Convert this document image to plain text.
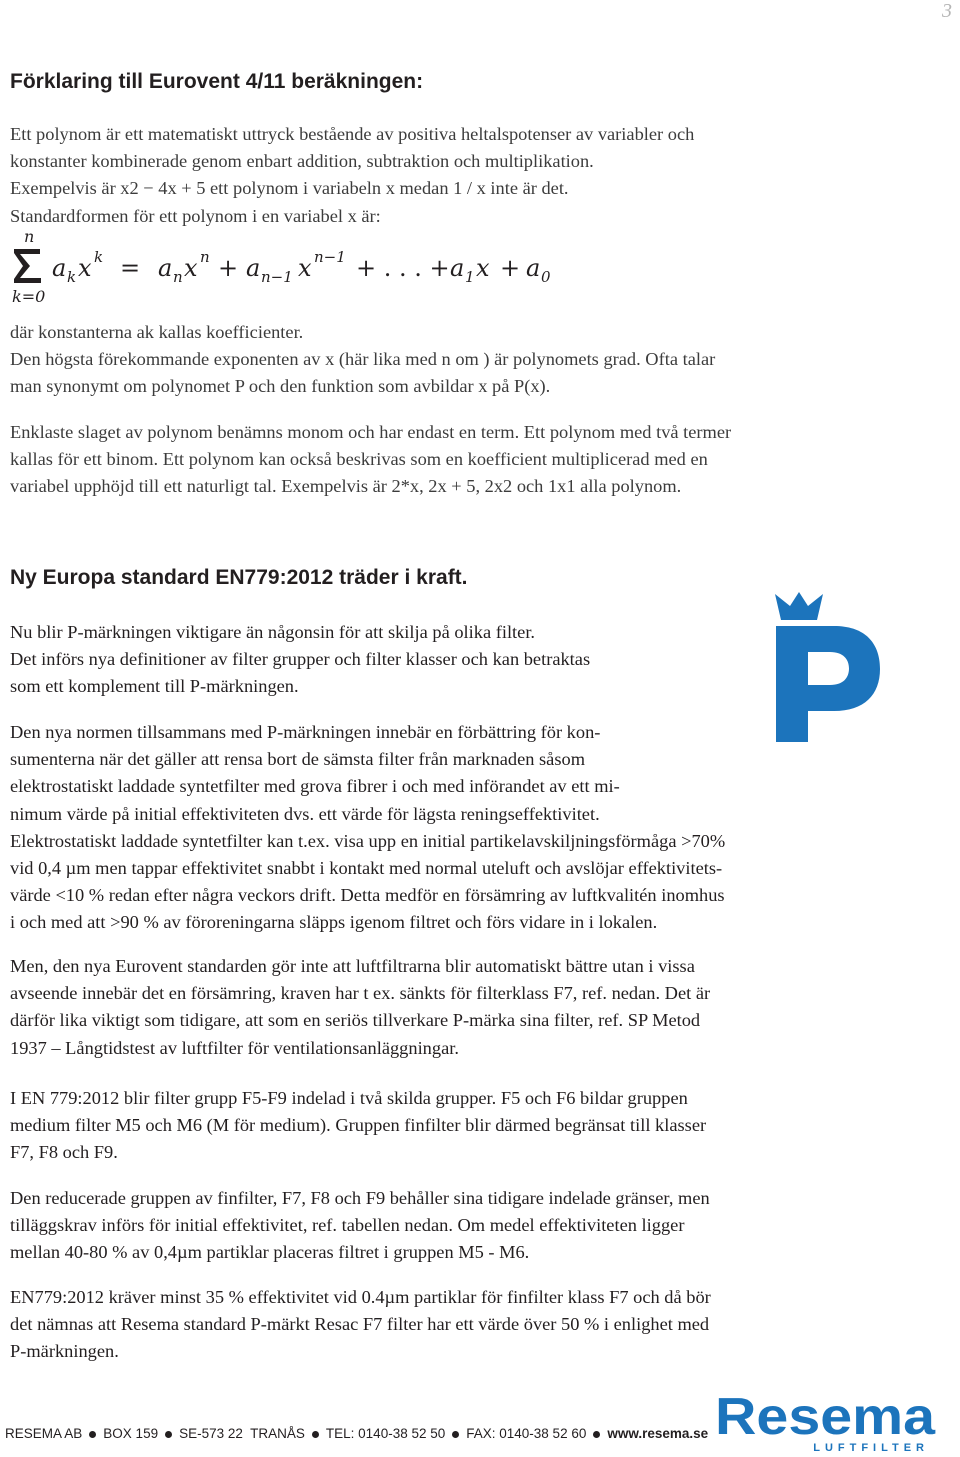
3
Förklaring till Eurovent 4/11 beräkningen:
Ett polynom är ett matematiskt uttryck bestående av positiva heltalspotenser av variabler och
konstanter kombinerade genom enbart addition, subtraktion och multiplikation.
Exempelvis är x2 − 4x + 5 ett polynom i variabeln x medan 1 / x inte är det.
Standardformen för ett polynom i en variabel x är:
n
k=0
a k x k = a n x n + a n−1 x n−1 + . . . + a 1 x + a 0
där konstanterna ak kallas koefficienter.
Den högsta förekommande exponenten av x (här lika med n om ) är polynomets grad. Ofta talar
man synonymt om polynomet P och den funktion som avbildar x på P(x).
Enklaste slaget av polynom benämns monom och har endast en term. Ett polynom med två termer
kallas för ett binom. Ett polynom kan också beskrivas som en koefficient multiplicerad med en
variabel upphöjd till ett naturligt tal. Exempelvis är 2*x, 2x + 5, 2x2 och 1x1 alla polynom.
Ny Europa standard EN779:2012 träder i kraft.
Nu blir P-märkningen viktigare än någonsin för att skilja på olika filter.
Det införs nya definitioner av filter grupper och filter klasser och kan betraktas
som ett komplement till P-märkningen.
Den nya normen tillsammans med P-märkningen innebär en förbättring för kon-
sumenterna när det gäller att rensa bort de sämsta filter från marknaden såsom
elektrostatiskt laddade syntetfilter med grova fibrer i och med införandet av ett mi-
nimum värde på initial effektiviteten dvs. ett värde för lägsta reningseffektivitet.
Elektrostatiskt laddade syntetfilter kan t.ex. visa upp en initial partikelavskiljningsförmåga >70%
vid 0,4 µm men tappar effektivitet snabbt i kontakt med normal uteluft och avslöjar effektivitets-
värde <10 % redan efter några veckors drift. Detta medför en försämring av luftkvalitén inomhus
i och med att >90 % av föroreningarna släpps igenom filtret och förs vidare in i lokalen.
Men, den nya Eurovent standarden gör inte att luftfiltrarna blir automatiskt bättre utan i vissa
avseende innebär det en försämring, kraven har t ex. sänkts för filterklass F7, ref. nedan. Det är
därför lika viktigt som tidigare, att som en seriös tillverkare P-märka sina filter, ref. SP Metod
1937 – Långtidstest av luftfilter för ventilationsanläggningar.
I EN 779:2012 blir filter grupp F5-F9 indelad i två skilda grupper. F5 och F6 bildar gruppen
medium filter M5 och M6 (M för medium). Gruppen finfilter blir därmed begränsat till klasser
F7, F8 och F9.
Den reducerade gruppen av finfilter, F7, F8 och F9 behåller sina tidigare indelade gränser, men
tilläggskrav införs för initial effektivitet, ref. tabellen nedan. Om medel effektiviteten ligger
mellan 40-80 % av 0,4µm partiklar placeras filtret i gruppen M5 - M6.
EN779:2012 kräver minst 35 % effektivitet vid 0.4µm partiklar för finfilter klass F7 och då bör
det nämnas att Resema standard P-märkt Resac F7 filter har ett värde över 50 % i enlighet med
P-märkningen.
RESEMA AB BOX 159 SE-573 22  TRANÅS TEL: 0140-38 52 50 FAX: 0140-38 52 60 www.resema.se Resema
LUFTFILTER
